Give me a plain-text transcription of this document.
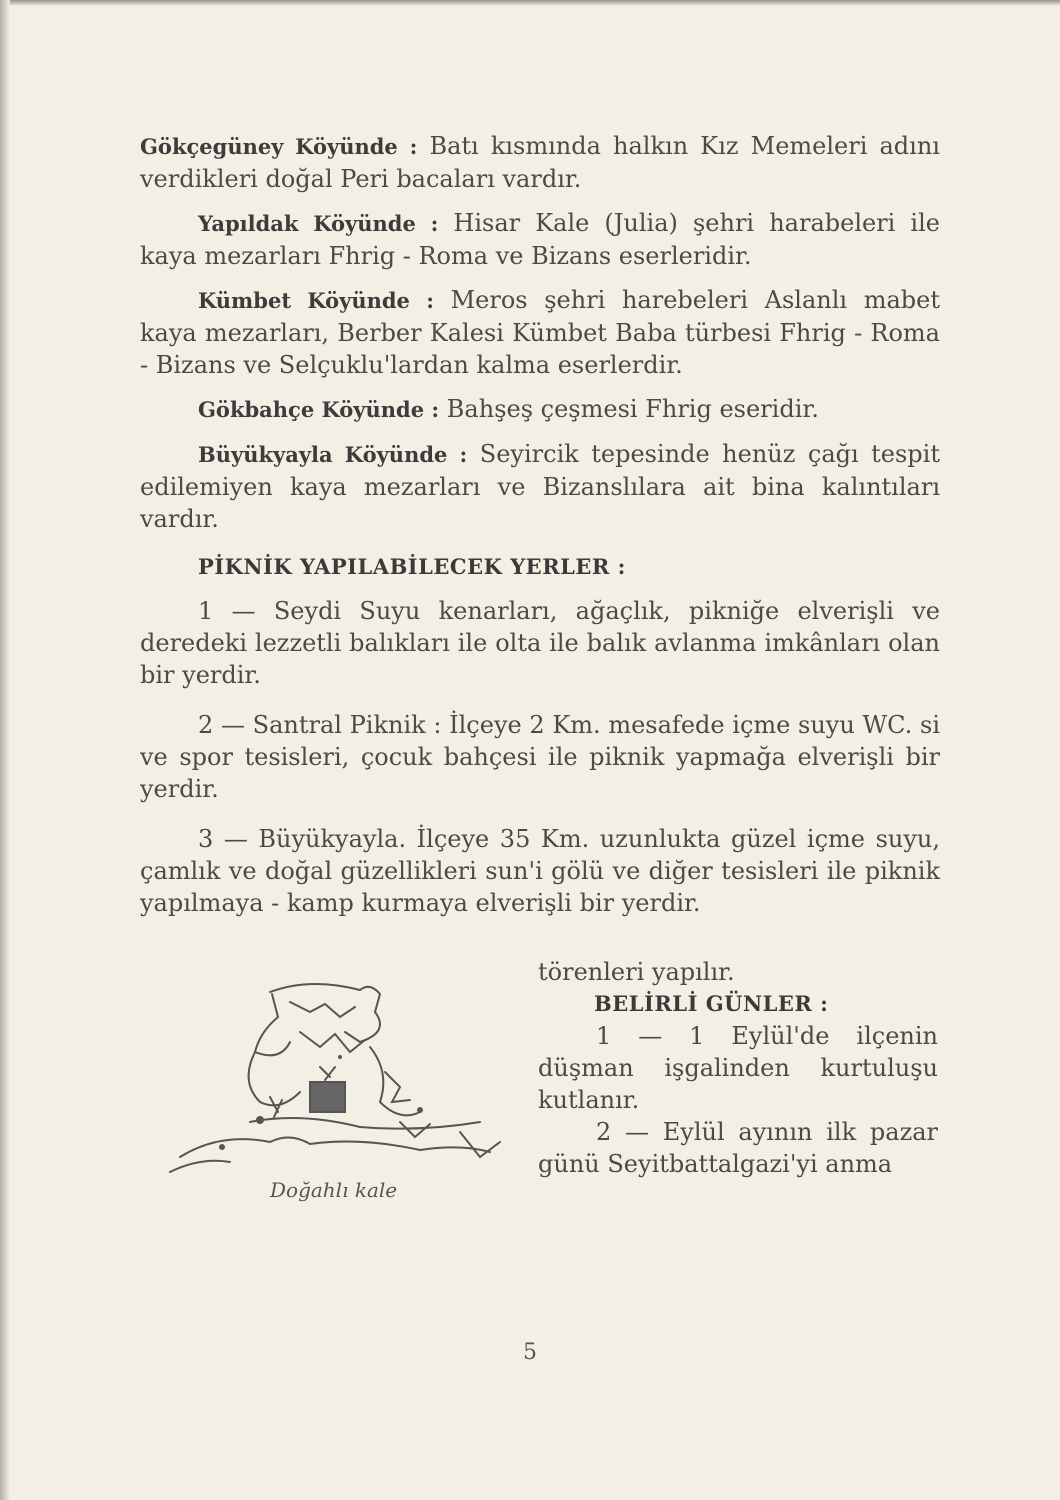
Gökçegüney Köyünde : Batı kısmında halkın Kız Memeleri adını verdikleri doğal Peri bacaları vardır.

Yapıldak Köyünde : Hisar Kale (Julia) şehri harabeleri ile kaya mezarları Fhrig - Roma ve Bizans eserleridir.

Kümbet Köyünde : Meros şehri harebeleri Aslanlı mabet kaya mezarları, Berber Kalesi Kümbet Baba türbesi Fhrig - Roma - Bizans ve Selçuklu'lardan kalma eserlerdir.

Gökbahçe Köyünde : Bahşeş çeşmesi Fhrig eseridir.

Büyükyayla Köyünde : Seyircik tepesinde henüz çağı tespit edilemiyen kaya mezarları ve Bizanslılara ait bina kalıntıları vardır.

PİKNİK YAPILABİLECEK YERLER :

1 — Seydi Suyu kenarları, ağaçlık, pikniğe elverişli ve deredeki lezzetli balıkları ile olta ile balık avlanma imkânları olan bir yerdir.

2 — Santral Piknik : İlçeye 2 Km. mesafede içme suyu WC. si ve spor tesisleri, çocuk bahçesi ile piknik yapmağa elverişli bir yerdir.

3 — Büyükyayla. İlçeye 35 Km. uzunlukta güzel içme suyu, çamlık ve doğal güzellikleri sun'i gölü ve diğer tesisleri ile piknik yapılmaya - kamp kurmaya elverişli bir yerdir.

törenleri yapılır.

BELİRLİ GÜNLER :

1 — 1 Eylül'de ilçenin düşman işgalinden kurtuluşu kutlanır.

2 — Eylül ayının ilk pazar günü Seyitbattalgazi'yi anma

Doğahlı kale
5
